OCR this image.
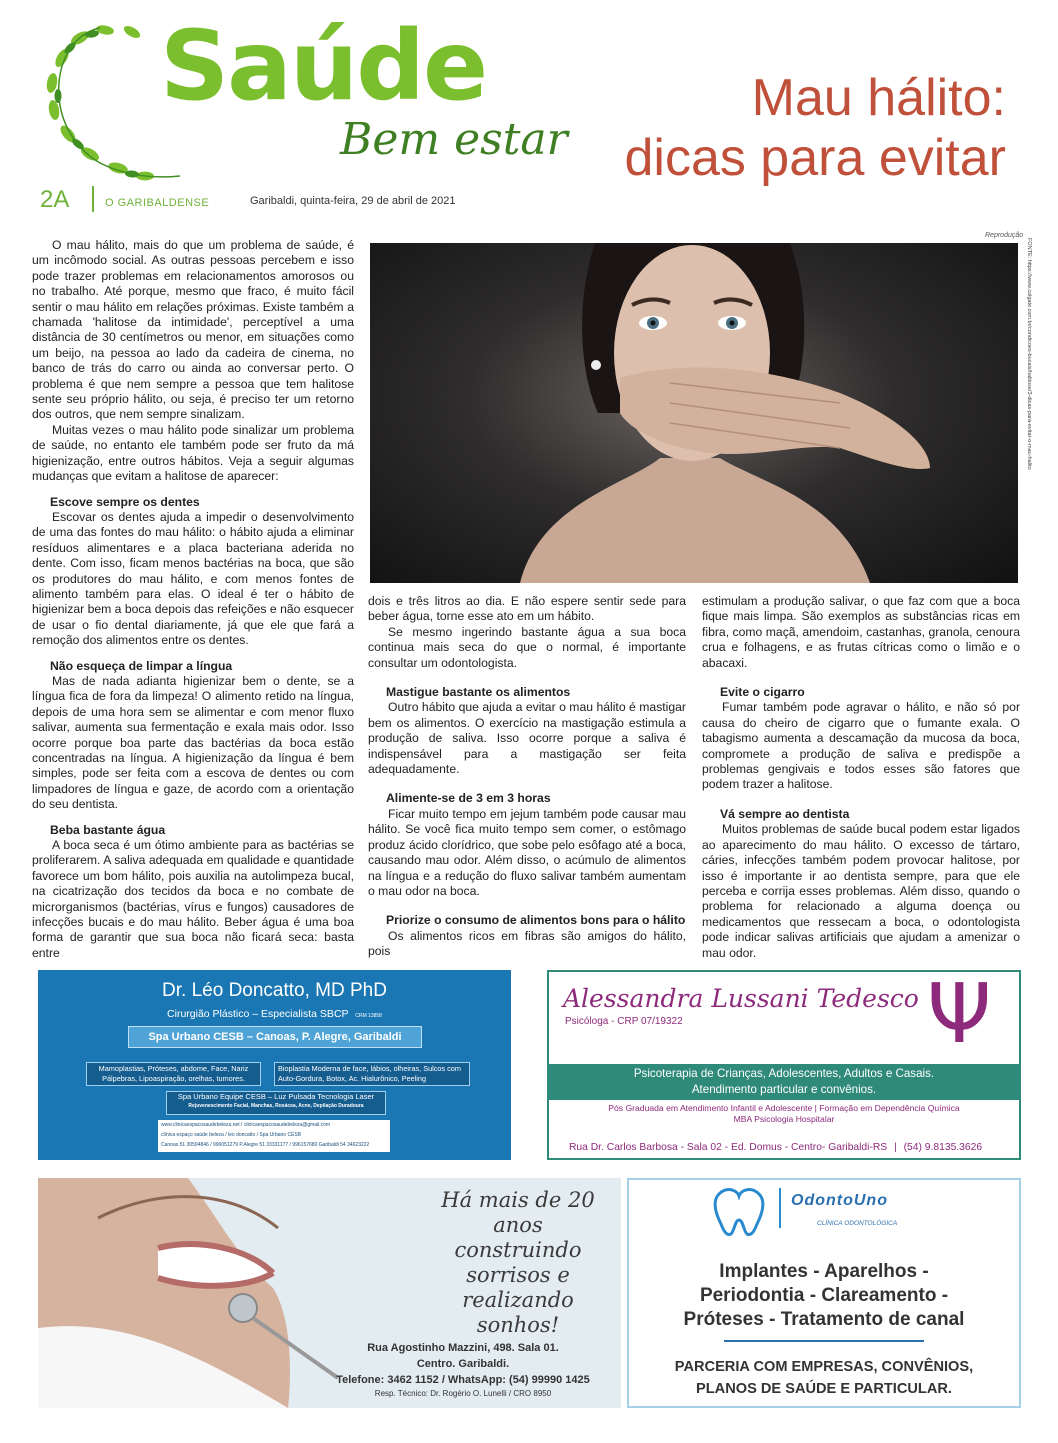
Saúde
Bem estar
Mau hálito:
dicas para evitar
2A	O GARIBALDENSE	Garibaldi, quinta-feira, 29 de abril de 2021

O mau hálito, mais do que um problema de saúde, é um incômodo social. As outras pessoas percebem e isso pode trazer problemas em relacionamentos amorosos ou no trabalho. Até porque, mesmo que fraco, é muito fácil sentir o mau hálito em relações próximas. Existe também a chamada 'halitose da intimidade', perceptível a uma distância de 30 centímetros ou menor, em situações como um beijo, na pessoa ao lado da cadeira de cinema, no banco de trás do carro ou ainda ao conversar perto. O problema é que nem sempre a pessoa que tem halitose sente seu próprio hálito, ou seja, é preciso ter um retorno dos outros, que nem sempre sinalizam.

Muitas vezes o mau hálito pode sinalizar um problema de saúde, no entanto ele também pode ser fruto da má higienização, entre outros hábitos. Veja a seguir algumas mudanças que evitam a halitose de aparecer:

Escove sempre os dentes

Escovar os dentes ajuda a impedir o desenvolvimento de uma das fontes do mau hálito: o hábito ajuda a eliminar resíduos alimentares e a placa bacteriana aderida no dente. Com isso, ficam menos bactérias na boca, que são os produtores do mau hálito, e com menos fontes de alimento também para elas. O ideal é ter o hábito de higienizar bem a boca depois das refeições e não esquecer de usar o fio dental diariamente, já que ele que fará a remoção dos alimentos entre os dentes.

Não esqueça de limpar a língua

Mas de nada adianta higienizar bem o dente, se a língua fica de fora da limpeza! O alimento retido na língua, depois de uma hora sem se alimentar e com menor fluxo salivar, aumenta sua fermentação e exala mais odor. Isso ocorre porque boa parte das bactérias da boca estão concentradas na língua. A higienização da língua é bem simples, pode ser feita com a escova de dentes ou com limpadores de língua e gaze, de acordo com a orientação do seu dentista.

Beba bastante água

A boca seca é um ótimo ambiente para as bactérias se proliferarem. A saliva adequada em qualidade e quantidade favorece um bom hálito, pois auxilia na autolimpeza bucal, na cicatrização dos tecidos da boca e no combate de microrganismos (bactérias, vírus e fungos) causadores de infecções bucais e do mau hálito. Beber água é uma boa forma de garantir que sua boca não ficará seca: basta entre

Reprodução
FONTE: https://www.colgate.com.br/condicoes-bucais/halitose/3-dicas-para-evitar-o-mau-halito

dois e três litros ao dia. E não espere sentir sede para beber água, torne esse ato em um hábito.

Se mesmo ingerindo bastante água a sua boca continua mais seca do que o normal, é importante consultar um odontologista.

Mastigue bastante os alimentos

Outro hábito que ajuda a evitar o mau hálito é mastigar bem os alimentos. O exercício na mastigação estimula a produção de saliva. Isso ocorre porque a saliva é indispensável para a mastigação ser feita adequadamente.

Alimente-se de 3 em 3 horas

Ficar muito tempo em jejum também pode causar mau hálito. Se você fica muito tempo sem comer, o estômago produz ácido clorídrico, que sobe pelo esôfago até a boca, causando mau odor. Além disso, o acúmulo de alimentos na língua e a redução do fluxo salivar também aumentam o mau odor na boca.

Priorize o consumo de alimentos bons para o hálito

Os alimentos ricos em fibras são amigos do hálito, pois

estimulam a produção salivar, o que faz com que a boca fique mais limpa. São exemplos as substâncias ricas em fibra, como maçã, amendoim, castanhas, granola, cenoura crua e folhagens, e as frutas cítricas como o limão e o abacaxi.

Evite o cigarro

Fumar também pode agravar o hálito, e não só por causa do cheiro de cigarro que o fumante exala. O tabagismo aumenta a descamação da mucosa da boca, compromete a produção de saliva e predispõe a problemas gengivais e todos esses são fatores que podem trazer a halitose.

Vá sempre ao dentista

Muitos problemas de saúde bucal podem estar ligados ao aparecimento do mau hálito. O excesso de tártaro, cáries, infecções também podem provocar halitose, por isso é importante ir ao dentista sempre, para que ele perceba e corrija esses problemas. Além disso, quando o problema for relacionado a alguma doença ou medicamentos que ressecam a boca, o odontologista pode indicar salivas artificiais que ajudam a amenizar o mau odor.

Dr. Léo Doncatto, MD PhD
Cirurgião Plástico – Especialista SBCP CRM 13858
Spa Urbano CESB – Canoas, P. Alegre, Garibaldi
Mamoplastias, Próteses, abdome, Face, Nariz Pálpebras, Lipoaspiração, orelhas, tumores.
Bioplastia Moderna de face, lábios, olheiras, Sulcos com Auto-Gordura, Botox, Ac. Hialurônico, Peeling
Spa Urbano Equipe CESB – Luz Pulsada Tecnologia Laser
Rejuvenescimento Facial, Manchas, Rosácea, Acne, Depilação Duradoura
www.clinicaespacosaudebeleza.net / clinicaespacosaudebeleza@gmail.com
clínica espaço saúde beleza / leo doncatto / Spa Urbano CESB
Canoas 51 30594846 / 996051279 P.Alegre 51 33331177 / 996157680 Garibaldi 54 34623222
Alessandra Lussani Tedesco
Psicóloga - CRP 07/19322	Ψ
Psicoterapia de Crianças, Adolescentes, Adultos e Casais.
Atendimento particular e convênios.
Pós Graduada em Atendimento Infantil e Adolescente | Formação em Dependência Química
MBA Psicologia Hospitalar
Rua Dr. Carlos Barbosa - Sala 02 - Ed. Domus - Centro- Garibaldi-RS | (54) 9.8135.3626
Há mais de 20 anos
construindo
sorrisos e realizando
sonhos!
Rua Agostinho Mazzini, 498. Sala 01.
Centro. Garibaldi.
Telefone: 3462 1152 / WhatsApp: (54) 99990 1425
Resp. Técnico: Dr. Rogério O. Lunelli / CRO 8950
OdontoUno
CLÍNICA ODONTOLÓGICA
Implantes - Aparelhos -
Periodontia - Clareamento -
Próteses - Tratamento de canal
PARCERIA COM EMPRESAS, CONVÊNIOS,
PLANOS DE SAÚDE E PARTICULAR.
